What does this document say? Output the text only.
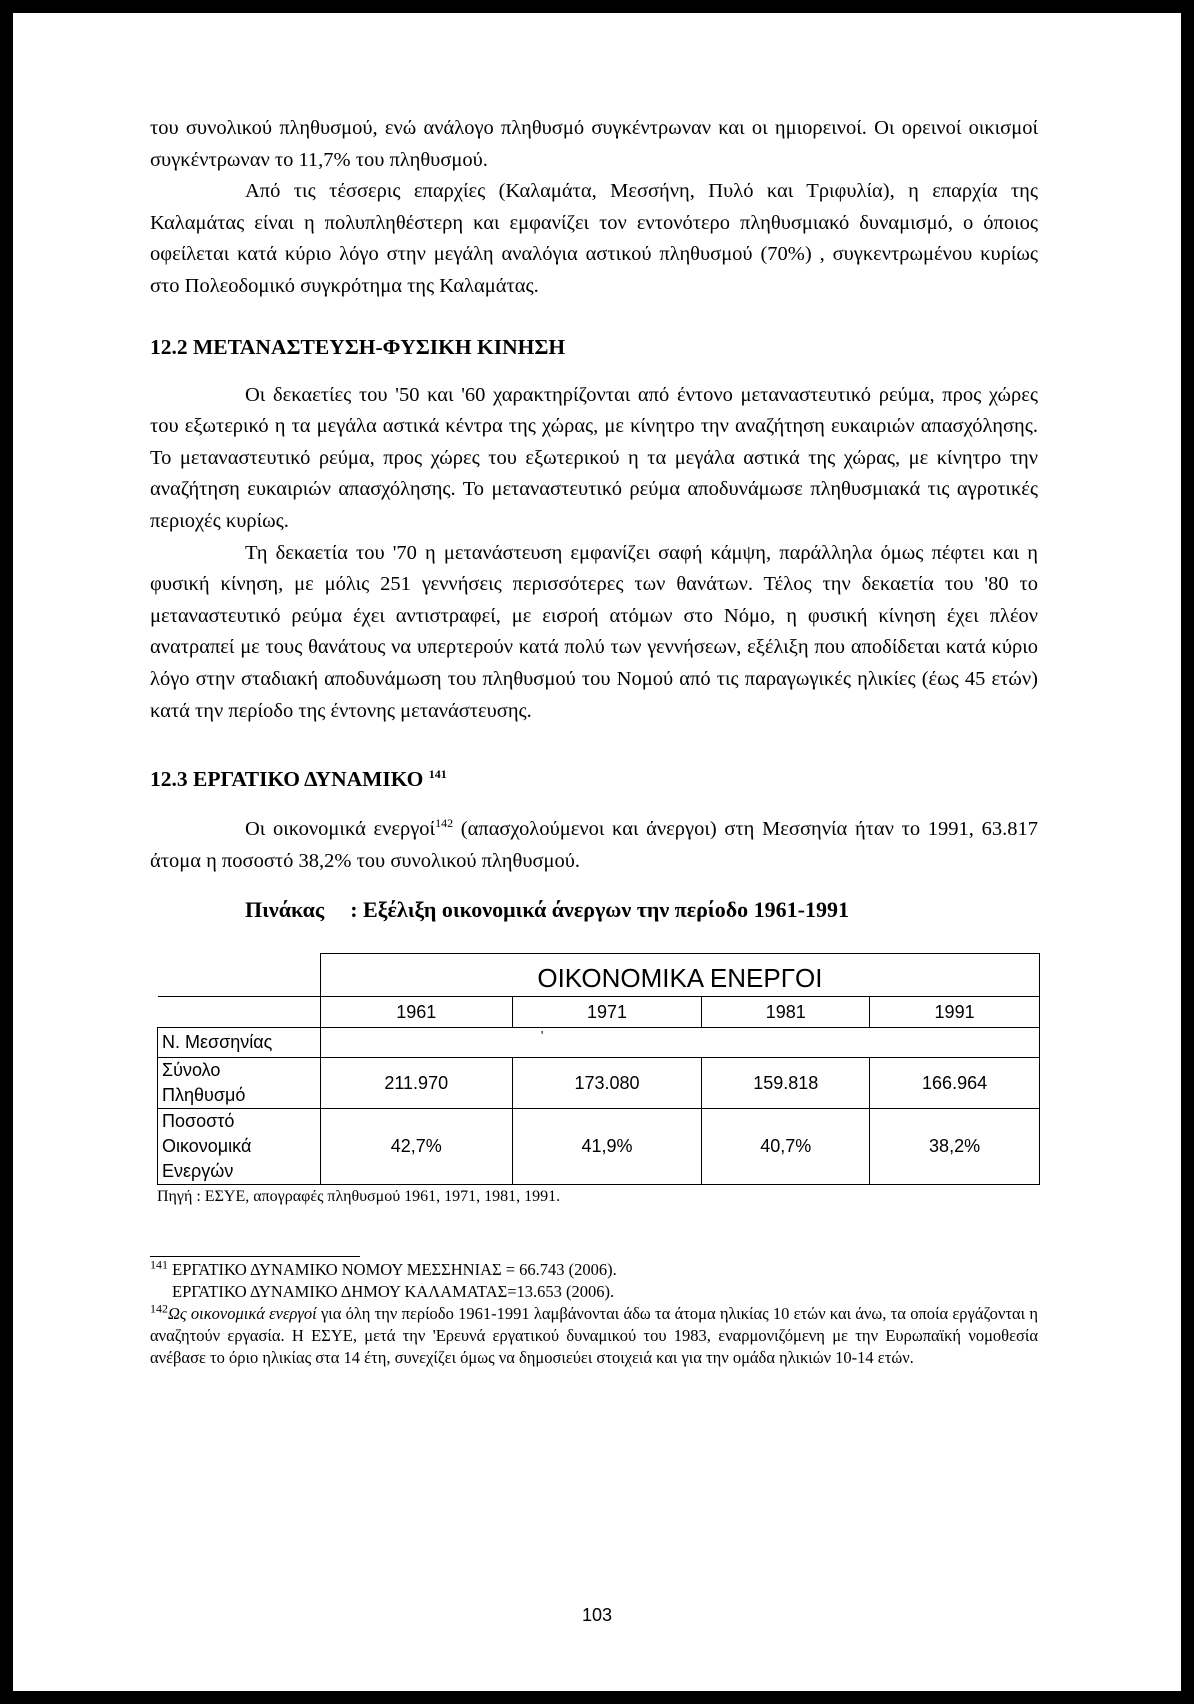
του συνολικού πληθυσμού, ενώ ανάλογο πληθυσμό συγκέντρωναν και οι ημιορεινοί. Οι ορεινοί οικισμοί συγκέντρωναν το 11,7% του πληθυσμού.

Από τις τέσσερις επαρχίες (Καλαμάτα, Μεσσήνη, Πυλό και Τριφυλία), η επαρχία της Καλαμάτας είναι η πολυπληθέστερη και εμφανίζει τον εντονότερο πληθυσμιακό δυναμισμό, ο όποιος οφείλεται κατά κύριο λόγο στην μεγάλη αναλόγια αστικού πληθυσμού (70%) , συγκεντρωμένου κυρίως στο Πολεοδομικό συγκρότημα της Καλαμάτας.

12.2 ΜΕΤΑΝΑΣΤΕΥΣΗ-ΦΥΣΙΚΗ ΚΙΝΗΣΗ

Οι δεκαετίες του '50 και '60 χαρακτηρίζονται από έντονο μεταναστευτικό ρεύμα, προς χώρες του εξωτερικό η τα μεγάλα αστικά κέντρα της χώρας, με κίνητρο την αναζήτηση ευκαιριών απασχόλησης. Το μεταναστευτικό ρεύμα, προς χώρες του εξωτερικού η τα μεγάλα αστικά της χώρας, με κίνητρο την αναζήτηση ευκαιριών απασχόλησης. Το μεταναστευτικό ρεύμα αποδυνάμωσε πληθυσμιακά τις αγροτικές περιοχές κυρίως.

Τη δεκαετία του '70 η μετανάστευση εμφανίζει σαφή κάμψη, παράλληλα όμως πέφτει και η φυσική κίνηση, με μόλις 251 γεννήσεις περισσότερες των θανάτων. Τέλος την δεκαετία του '80 το μεταναστευτικό ρεύμα έχει αντιστραφεί, με εισροή ατόμων στο Νόμο, η φυσική κίνηση έχει πλέον ανατραπεί με τους θανάτους να υπερτερούν κατά πολύ των γεννήσεων, εξέλιξη που αποδίδεται κατά κύριο λόγο στην σταδιακή αποδυνάμωση του πληθυσμού του Νομού από τις παραγωγικές ηλικίες (έως 45 ετών) κατά την περίοδο της έντονης μετανάστευσης.

12.3 ΕΡΓΑΤΙΚΟ ΔΥΝΑΜΙΚΟ $^{141}$

Οι οικονομικά ενεργοί$^{142}$ (απασχολούμενοι και άνεργοι) στη Μεσσηνία ήταν το 1991, 63.817 άτομα η ποσοστό 38,2% του συνολικού πληθυσμού.

Πινάκας : Εξέλιξη οικονομικά άνεργων την περίοδο 1961-1991
	ΟΙΚΟΝΟΜΙΚΑ ΕΝΕΡΓΟΙ			
	1961	1971	1981	1991
Ν. Μεσσηνίας	'			
Σύνολο
Πληθυσμό	211.970	173.080	159.818	166.964
Ποσοστό
Οικονομικά
Ενεργών	42,7%	41,9%	40,7%	38,2%
Πηγή : ΕΣΥΕ, απογραφές πληθυσμού 1961, 1971, 1981, 1991.
$^{141}$ ΕΡΓΑΤΙΚΟ ΔΥΝΑΜΙΚΟ ΝΟΜΟΥ ΜΕΣΣΗΝΙΑΣ = 66.743 (2006).
ΕΡΓΑΤΙΚΟ ΔΥΝΑΜΙΚΟ ΔΗΜΟΥ ΚΑΛΑΜΑΤΑΣ=13.653 (2006).
$^{142}$Ως οικονομικά ενεργοί για όλη την περίοδο 1961-1991 λαμβάνονται άδω τα άτομα ηλικίας 10 ετών και άνω, τα οποία εργάζονται η αναζητούν εργασία. Η ΕΣΥΕ, μετά την 'Ερευνά εργατικού δυναμικού του 1983, εναρμονιζόμενη με την Ευρωπαϊκή νομοθεσία ανέβασε το όριο ηλικίας στα 14 έτη, συνεχίζει όμως να δημοσιεύει στοιχειά και για την ομάδα ηλικιών 10-14 ετών.
103
